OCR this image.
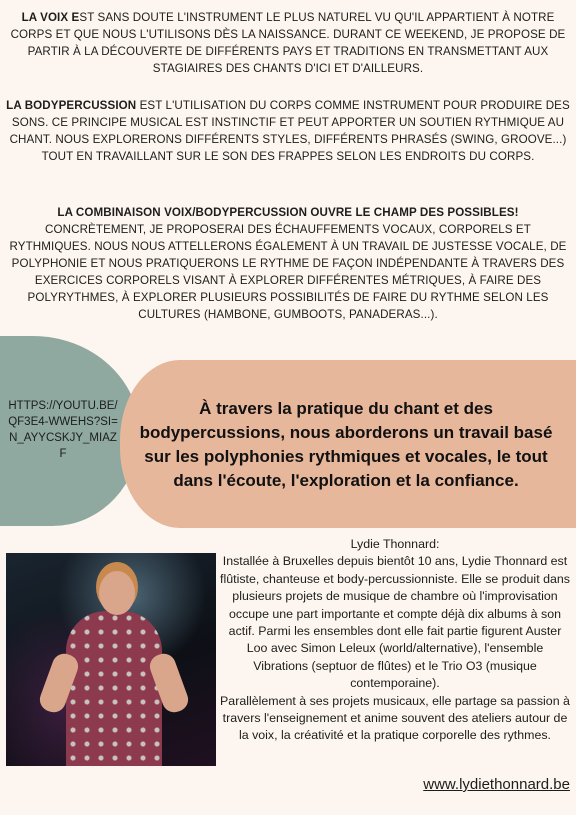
LA VOIX EST SANS DOUTE L'INSTRUMENT LE PLUS NATUREL VU QU'IL APPARTIENT À NOTRE CORPS ET QUE NOUS L'UTILISONS DÈS LA NAISSANCE. DURANT CE WEEKEND, JE PROPOSE DE PARTIR À LA DÉCOUVERTE DE DIFFÉRENTS PAYS ET TRADITIONS EN TRANSMETTANT AUX STAGIAIRES DES CHANTS D'ICI ET D'AILLEURS.
LA BODYPERCUSSION EST L'UTILISATION DU CORPS COMME INSTRUMENT POUR PRODUIRE DES SONS. CE PRINCIPE MUSICAL EST INSTINCTIF ET PEUT APPORTER UN SOUTIEN RYTHMIQUE AU CHANT. NOUS EXPLORERONS DIFFÉRENTS STYLES, DIFFÉRENTS PHRASÉS (SWING, GROOVE...) TOUT EN TRAVAILLANT SUR LE SON DES FRAPPES SELON LES ENDROITS DU CORPS.
LA COMBINAISON VOIX/BODYPERCUSSION OUVRE LE CHAMP DES POSSIBLES!
CONCRÈTEMENT, JE PROPOSERAI DES ÉCHAUFFEMENTS VOCAUX, CORPORELS ET RYTHMIQUES. NOUS NOUS ATTELLERONS ÉGALEMENT À UN TRAVAIL DE JUSTESSE VOCALE, DE POLYPHONIE ET NOUS PRATIQUERONS LE RYTHME DE FAÇON INDÉPENDANTE À TRAVERS DES EXERCICES CORPORELS VISANT À EXPLORER DIFFÉRENTES MÉTRIQUES, À FAIRE DES POLYRYTHMES, À EXPLORER PLUSIEURS POSSIBILITÉS DE FAIRE DU RYTHME SELON LES CULTURES (HAMBONE, GUMBOOTS, PANADERAS...).
HTTPS://YOUTU.BE/QF3E4-WWEHS?SI=N_AYYCSKJY_MIAZF
À travers la pratique du chant et des bodypercussions, nous aborderons un travail basé sur les polyphonies rythmiques et vocales, le tout dans l'écoute, l'exploration et la confiance.

Lydie Thonnard:

Installée à Bruxelles depuis bientôt 10 ans, Lydie Thonnard est flûtiste, chanteuse et body-percussionniste. Elle se produit dans plusieurs projets de musique de chambre où l'improvisation occupe une part importante et compte déjà dix albums à son actif. Parmi les ensembles dont elle fait partie figurent Auster Loo avec Simon Leleux (world/alternative), l'ensemble Vibrations (septuor de flûtes) et le Trio O3 (musique contemporaine).

Parallèlement à ses projets musicaux, elle partage sa passion à travers l'enseignement et anime souvent des ateliers autour de la voix, la créativité et la pratique corporelle des rythmes.

www.lydiethonnard.be
